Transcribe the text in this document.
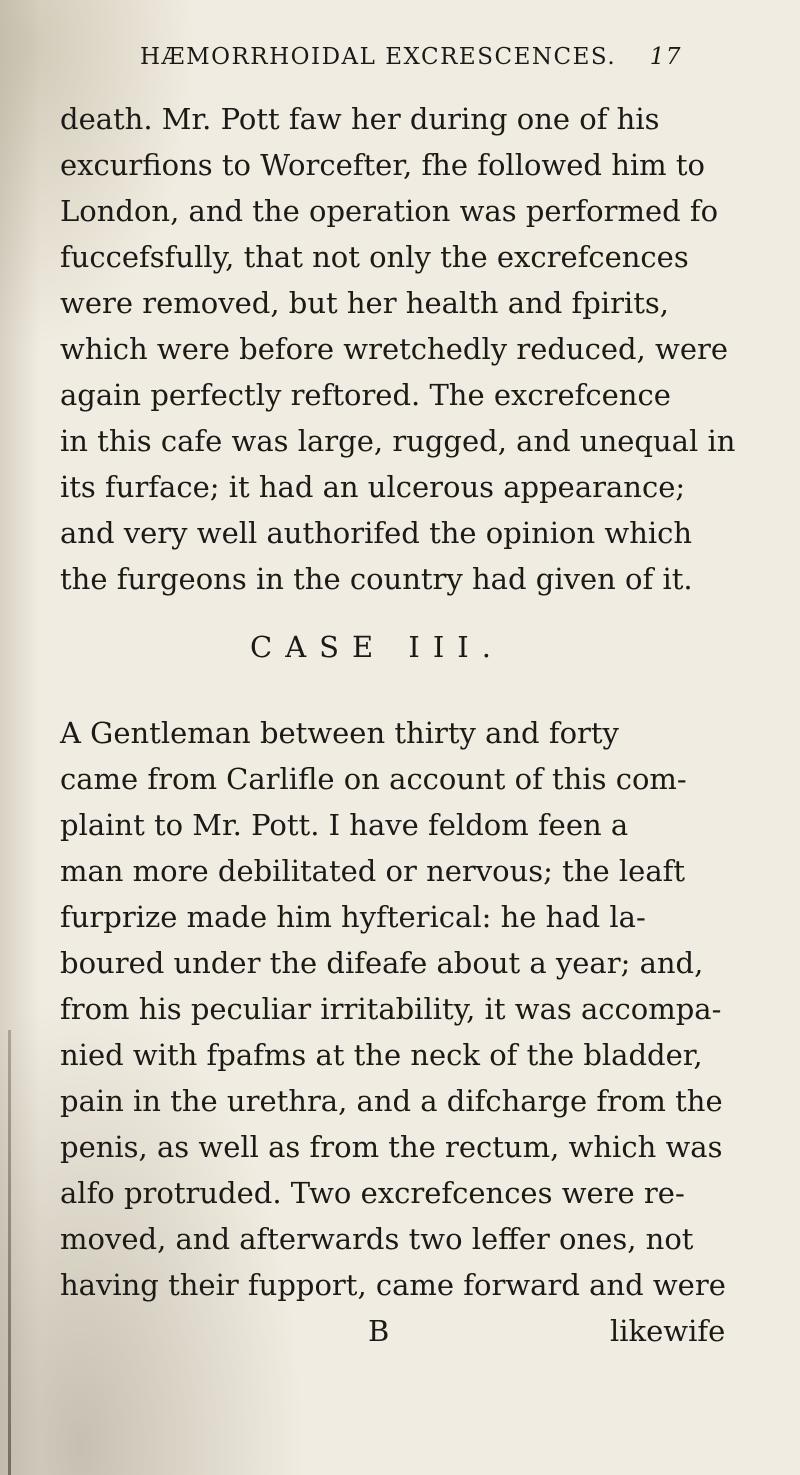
HÆMORRHOIDAL EXCRESCENCES. 17
death. Mr. Pott faw her during one of his
excurfions to Worcefter, fhe followed him to
London, and the operation was performed fo
fuccefsfully, that not only the excrefcences
were removed, but her health and fpirits,
which were before wretchedly reduced, were
again perfectly reftored. The excrefcence
in this cafe was large, rugged, and unequal in
its furface; it had an ulcerous appearance;
and very well authorifed the opinion which
the furgeons in the country had given of it.
CASE III.
A Gentleman between thirty and forty
came from Carlifle on account of this com-
plaint to Mr. Pott. I have feldom feen a
man more debilitated or nervous; the leaft
furprize made him hyfterical: he had la-
boured under the difeafe about a year; and,
from his peculiar irritability, it was accompa-
nied with fpafms at the neck of the bladder,
pain in the urethra, and a difcharge from the
penis, as well as from the rectum, which was
alfo protruded. Two excrefcences were re-
moved, and afterwards two leffer ones, not
having their fupport, came forward and were
B	likewife
